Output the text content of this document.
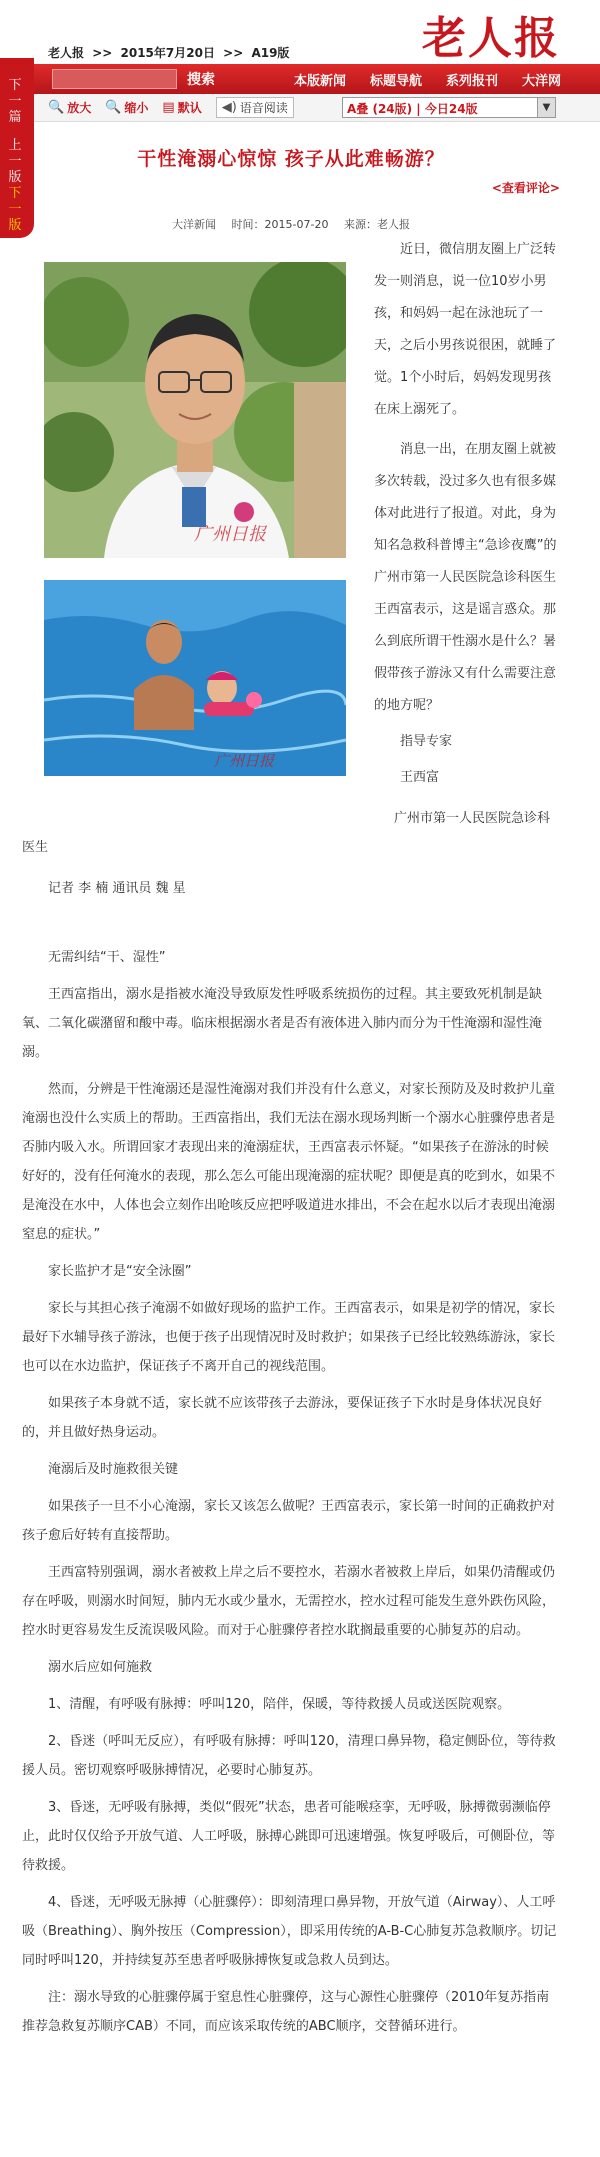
下一篇
上一版
下一版
老人报
老人报 >> 2015年7月20日 >> A19版
搜索	本版新闻 标题导航 系列报刊 大洋网
🔍 放大 🔍 缩小 ▤ 默认 ◀) 语音阅读	A叠 (24版) | 今日24版	▼
干性淹溺心惊惊 孩子从此难畅游？
<查看评论>
大洋新闻 时间：2015-07-20 来源：老人报
广州日报
广州日报

近日，微信朋友圈上广泛转发一则消息，说一位10岁小男孩，和妈妈一起在泳池玩了一天，之后小男孩说很困，就睡了觉。1个小时后，妈妈发现男孩在床上溺死了。

消息一出，在朋友圈上就被多次转载，没过多久也有很多媒体对此进行了报道。对此，身为知名急救科普博主“急诊夜鹰”的广州市第一人民医院急诊科医生王西富表示，这是谣言惑众。那么到底所谓干性溺水是什么？暑假带孩子游泳又有什么需要注意的地方呢？

指导专家

王西富

广州市第一人民医院急诊科

医生

记者 李 楠 通讯员 魏 星

无需纠结“干、湿性”

王西富指出，溺水是指被水淹没导致原发性呼吸系统损伤的过程。其主要致死机制是缺氧、二氧化碳潴留和酸中毒。临床根据溺水者是否有液体进入肺内而分为干性淹溺和湿性淹溺。

然而，分辨是干性淹溺还是湿性淹溺对我们并没有什么意义，对家长预防及及时救护儿童淹溺也没什么实质上的帮助。王西富指出，我们无法在溺水现场判断一个溺水心脏骤停患者是否肺内吸入水。所谓回家才表现出来的淹溺症状，王西富表示怀疑。“如果孩子在游泳的时候好好的，没有任何淹水的表现，那么怎么可能出现淹溺的症状呢？即便是真的吃到水，如果不是淹没在水中，人体也会立刻作出呛咳反应把呼吸道进水排出，不会在起水以后才表现出淹溺窒息的症状。”

家长监护才是“安全泳圈”

家长与其担心孩子淹溺不如做好现场的监护工作。王西富表示，如果是初学的情况，家长最好下水辅导孩子游泳，也便于孩子出现情况时及时救护；如果孩子已经比较熟练游泳，家长也可以在水边监护，保证孩子不离开自己的视线范围。

如果孩子本身就不适，家长就不应该带孩子去游泳，要保证孩子下水时是身体状况良好的，并且做好热身运动。

淹溺后及时施救很关键

如果孩子一旦不小心淹溺，家长又该怎么做呢？王西富表示，家长第一时间的正确救护对孩子愈后好转有直接帮助。

王西富特别强调，溺水者被救上岸之后不要控水，若溺水者被救上岸后，如果仍清醒或仍存在呼吸，则溺水时间短，肺内无水或少量水，无需控水，控水过程可能发生意外跌伤风险，控水时更容易发生反流误吸风险。而对于心脏骤停者控水耽搁最重要的心肺复苏的启动。

溺水后应如何施救

1、清醒，有呼吸有脉搏：呼叫120，陪伴，保暖，等待救援人员或送医院观察。

2、昏迷（呼叫无反应），有呼吸有脉搏：呼叫120，清理口鼻异物，稳定侧卧位，等待救援人员。密切观察呼吸脉搏情况，必要时心肺复苏。

3、昏迷，无呼吸有脉搏，类似“假死”状态，患者可能喉痉挛，无呼吸，脉搏微弱濒临停止，此时仅仅给予开放气道、人工呼吸，脉搏心跳即可迅速增强。恢复呼吸后，可侧卧位，等待救援。

4、昏迷，无呼吸无脉搏（心脏骤停）：即刻清理口鼻异物，开放气道（Airway）、人工呼吸（Breathing）、胸外按压（Compression），即采用传统的A-B-C心肺复苏急救顺序。切记同时呼叫120，并持续复苏至患者呼吸脉搏恢复或急救人员到达。

注：溺水导致的心脏骤停属于窒息性心脏骤停，这与心源性心脏骤停（2010年复苏指南推荐急救复苏顺序CAB）不同，而应该采取传统的ABC顺序，交替循环进行。
